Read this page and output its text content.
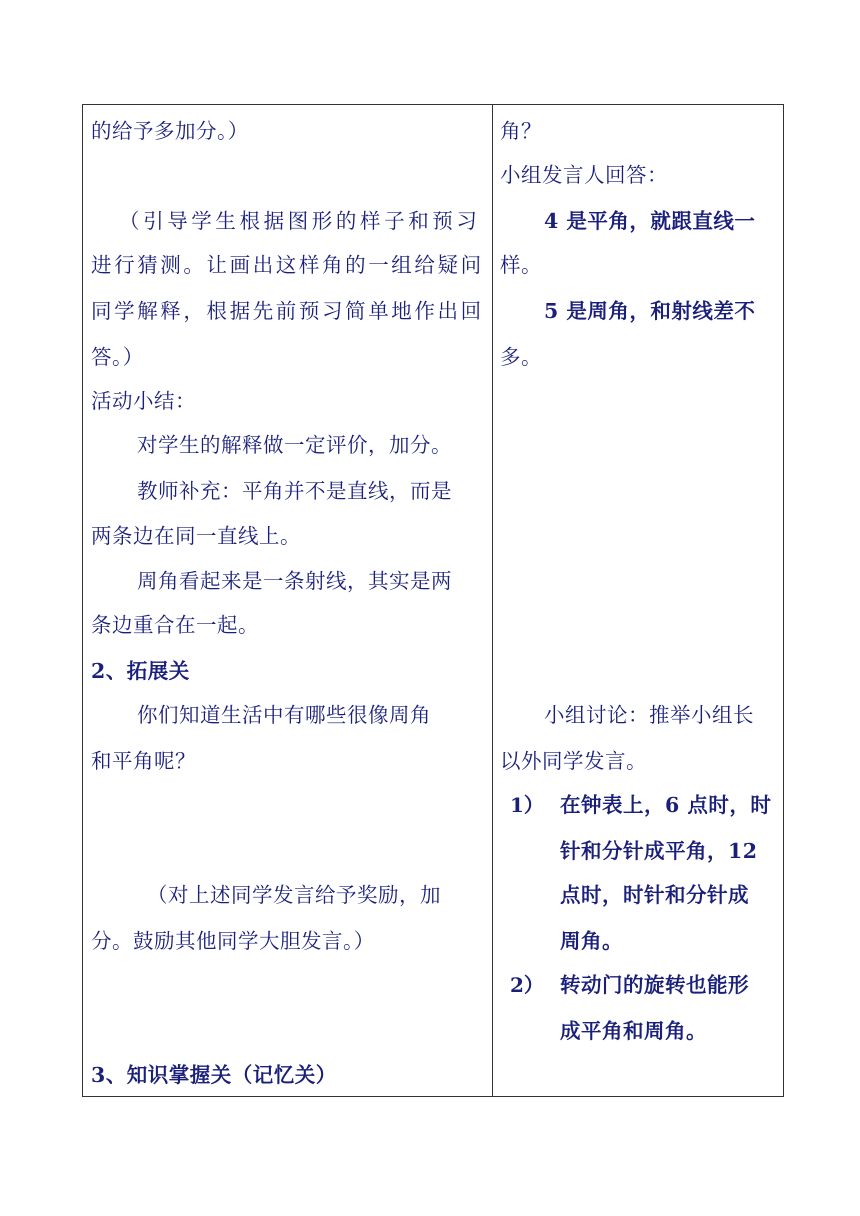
的给予多加分。）
（引导学生根据图形的样子和预习
进行猜测。让画出这样角的一组给疑问
同学解释，根据先前预习简单地作出回
答。）
活动小结：
对学生的解释做一定评价，加分。
教师补充：平角并不是直线，而是
两条边在同一直线上。
周角看起来是一条射线，其实是两
条边重合在一起。
2、拓展关
你们知道生活中有哪些很像周角
和平角呢？
（对上述同学发言给予奖励，加
分。鼓励其他同学大胆发言。）
3、知识掌握关（记忆关）
角？
小组发言人回答：
4 是平角，就跟直线一
样。
5 是周角，和射线差不
多。
小组讨论：推举小组长
以外同学发言。
1） 在钟表上，6 点时，时
针和分针成平角，12
点时，时针和分针成
周角。
2） 转动门的旋转也能形
成平角和周角。
